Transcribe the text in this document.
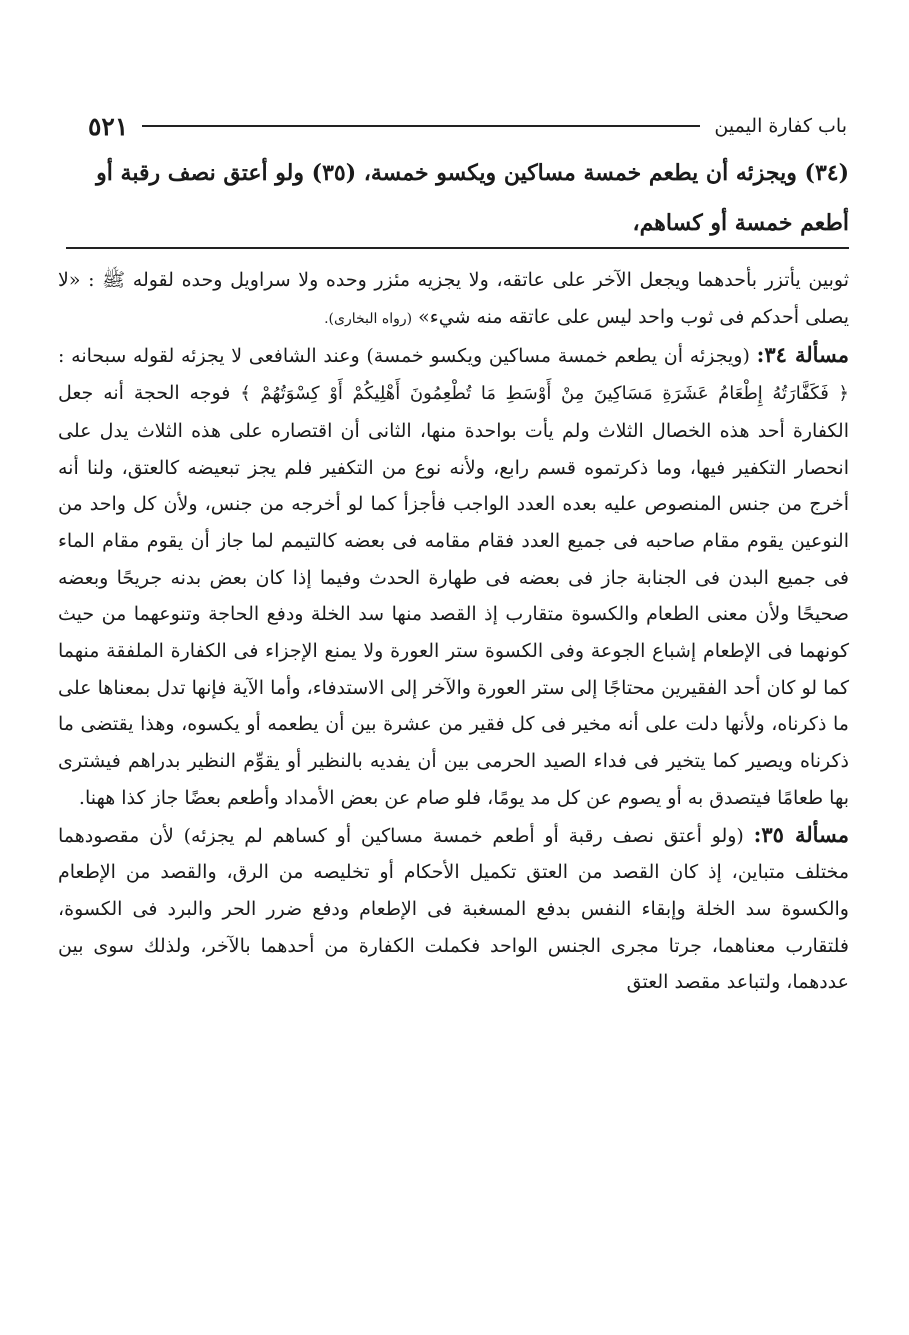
باب كفارة اليمين
٥٢١
(٣٤) ويجزئه أن يطعم خمسة مساكين ويكسو خمسة، (٣٥) ولو أعتق نصف رقبة أو
أطعم خمسة أو كساهم،

ثوبين يأتزر بأحدهما ويجعل الآخر على عاتقه، ولا يجزيه مئزر وحده ولا سراويل وحده لقوله ﷺ : «لا يصلى أحدكم فى ثوب واحد ليس على عاتقه منه شيء» (رواه البخارى).

مسألة ٣٤: (ويجزئه أن يطعم خمسة مساكين ويكسو خمسة) وعند الشافعى لا يجزئه لقوله سبحانه : ﴿ فَكَفَّارَتُهُ إِطْعَامُ عَشَرَةِ مَسَاكِينَ مِنْ أَوْسَطِ مَا تُطْعِمُونَ أَهْلِيكُمْ أَوْ كِسْوَتُهُمْ ﴾ فوجه الحجة أنه جعل الكفارة أحد هذه الخصال الثلاث ولم يأت بواحدة منها، الثانى أن اقتصاره على هذه الثلاث يدل على انحصار التكفير فيها، وما ذكرتموه قسم رابع، ولأنه نوع من التكفير فلم يجز تبعيضه كالعتق، ولنا أنه أخرج من جنس المنصوص عليه بعده العدد الواجب فأجزأ كما لو أخرجه من جنس، ولأن كل واحد من النوعين يقوم مقام صاحبه فى جميع العدد فقام مقامه فى بعضه كالتيمم لما جاز أن يقوم مقام الماء فى جميع البدن فى الجنابة جاز فى بعضه فى طهارة الحدث وفيما إذا كان بعض بدنه جريحًا وبعضه صحيحًا ولأن معنى الطعام والكسوة متقارب إذ القصد منها سد الخلة ودفع الحاجة وتنوعهما من حيث كونهما فى الإطعام إشباع الجوعة وفى الكسوة ستر العورة ولا يمنع الإجزاء فى الكفارة الملفقة منهما كما لو كان أحد الفقيرين محتاجًا إلى ستر العورة والآخر إلى الاستدفاء، وأما الآية فإنها تدل بمعناها على ما ذكرناه، ولأنها دلت على أنه مخير فى كل فقير من عشرة بين أن يطعمه أو يكسوه، وهذا يقتضى ما ذكرناه ويصير كما يتخير فى فداء الصيد الحرمى بين أن يفديه بالنظير أو يقوِّم النظير بدراهم فيشترى بها طعامًا فيتصدق به أو يصوم عن كل مد يومًا، فلو صام عن بعض الأمداد وأطعم بعضًا جاز كذا ههنا.

مسألة ٣٥: (ولو أعتق نصف رقبة أو أطعم خمسة مساكين أو كساهم لم يجزئه) لأن مقصودهما مختلف متباين، إذ كان القصد من العتق تكميل الأحكام أو تخليصه من الرق، والقصد من الإطعام والكسوة سد الخلة وإبقاء النفس بدفع المسغبة فى الإطعام ودفع ضرر الحر والبرد فى الكسوة، فلتقارب معناهما، جرتا مجرى الجنس الواحد فكملت الكفارة من أحدهما بالآخر، ولذلك سوى بين عددهما، ولتباعد مقصد العتق
